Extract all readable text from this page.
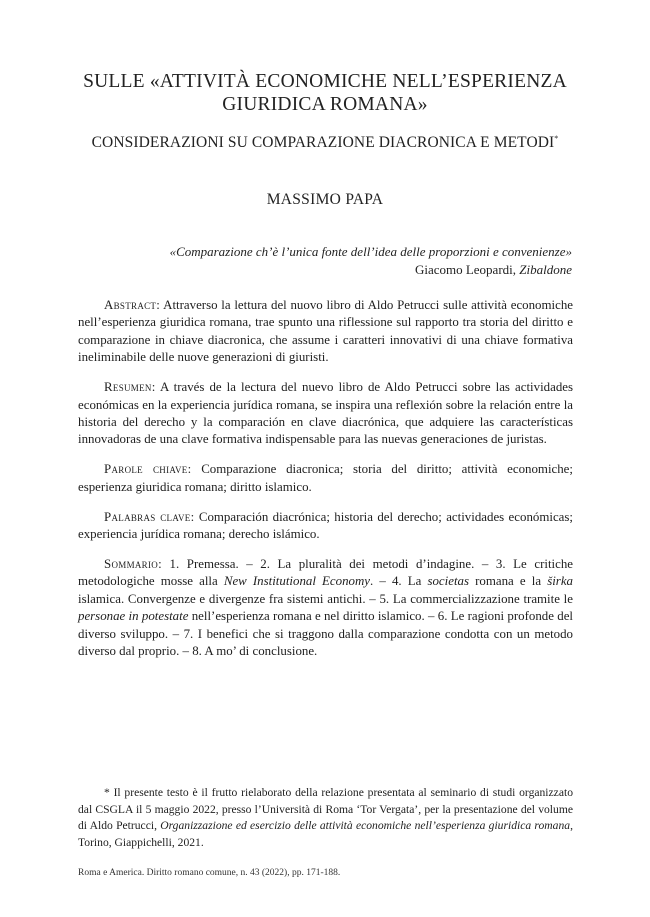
SULLE «ATTIVITÀ ECONOMICHE NELL’ESPERIENZA
GIURIDICA ROMANA»
CONSIDERAZIONI SU COMPARAZIONE DIACRONICA E METODI*
MASSIMO PAPA
«Comparazione ch’è l’unica fonte dell’idea delle proporzioni e convenienze»
Giacomo Leopardi, Zibaldone

Abstract: Attraverso la lettura del nuovo libro di Aldo Petrucci sulle attività economiche nell’esperienza giuridica romana, trae spunto una riflessione sul rapporto tra storia del diritto e comparazione in chiave diacronica, che assume i caratteri innovativi di una chiave formativa ineliminabile delle nuove generazioni di giuristi.

Resumen: A través de la lectura del nuevo libro de Aldo Petrucci sobre las actividades económicas en la experiencia jurídica romana, se inspira una reflexión sobre la relación entre la historia del derecho y la comparación en clave diacrónica, que adquiere las características innovadoras de una clave formativa indispensable para las nuevas generaciones de juristas.

Parole chiave: Comparazione diacronica; storia del diritto; attività economiche; esperienza giuridica romana; diritto islamico.

Palabras clave: Comparación diacrónica; historia del derecho; actividades económicas; experiencia jurídica romana; derecho islámico.

Sommario: 1. Premessa. – 2. La pluralità dei metodi d’indagine. – 3. Le critiche metodologiche mosse alla New Institutional Economy. – 4. La societas romana e la širka islamica. Convergenze e divergenze fra sistemi antichi. – 5. La commercializzazione tramite le personae in potestate nell’esperienza romana e nel diritto islamico. – 6. Le ragioni profonde del diverso sviluppo. – 7. I benefici che si traggono dalla comparazione condotta con un metodo diverso dal proprio. – 8. A mo’ di conclusione.

* Il presente testo è il frutto rielaborato della relazione presentata al seminario di studi organizzato dal CSGLA il 5 maggio 2022, presso l’Università di Roma ‘Tor Vergata’, per la presentazione del volume di Aldo Petrucci, Organizzazione ed esercizio delle attività economiche nell’esperienza giuridica romana, Torino, Giappichelli, 2021.

Roma e America. Diritto romano comune, n. 43 (2022), pp. 171-188.
